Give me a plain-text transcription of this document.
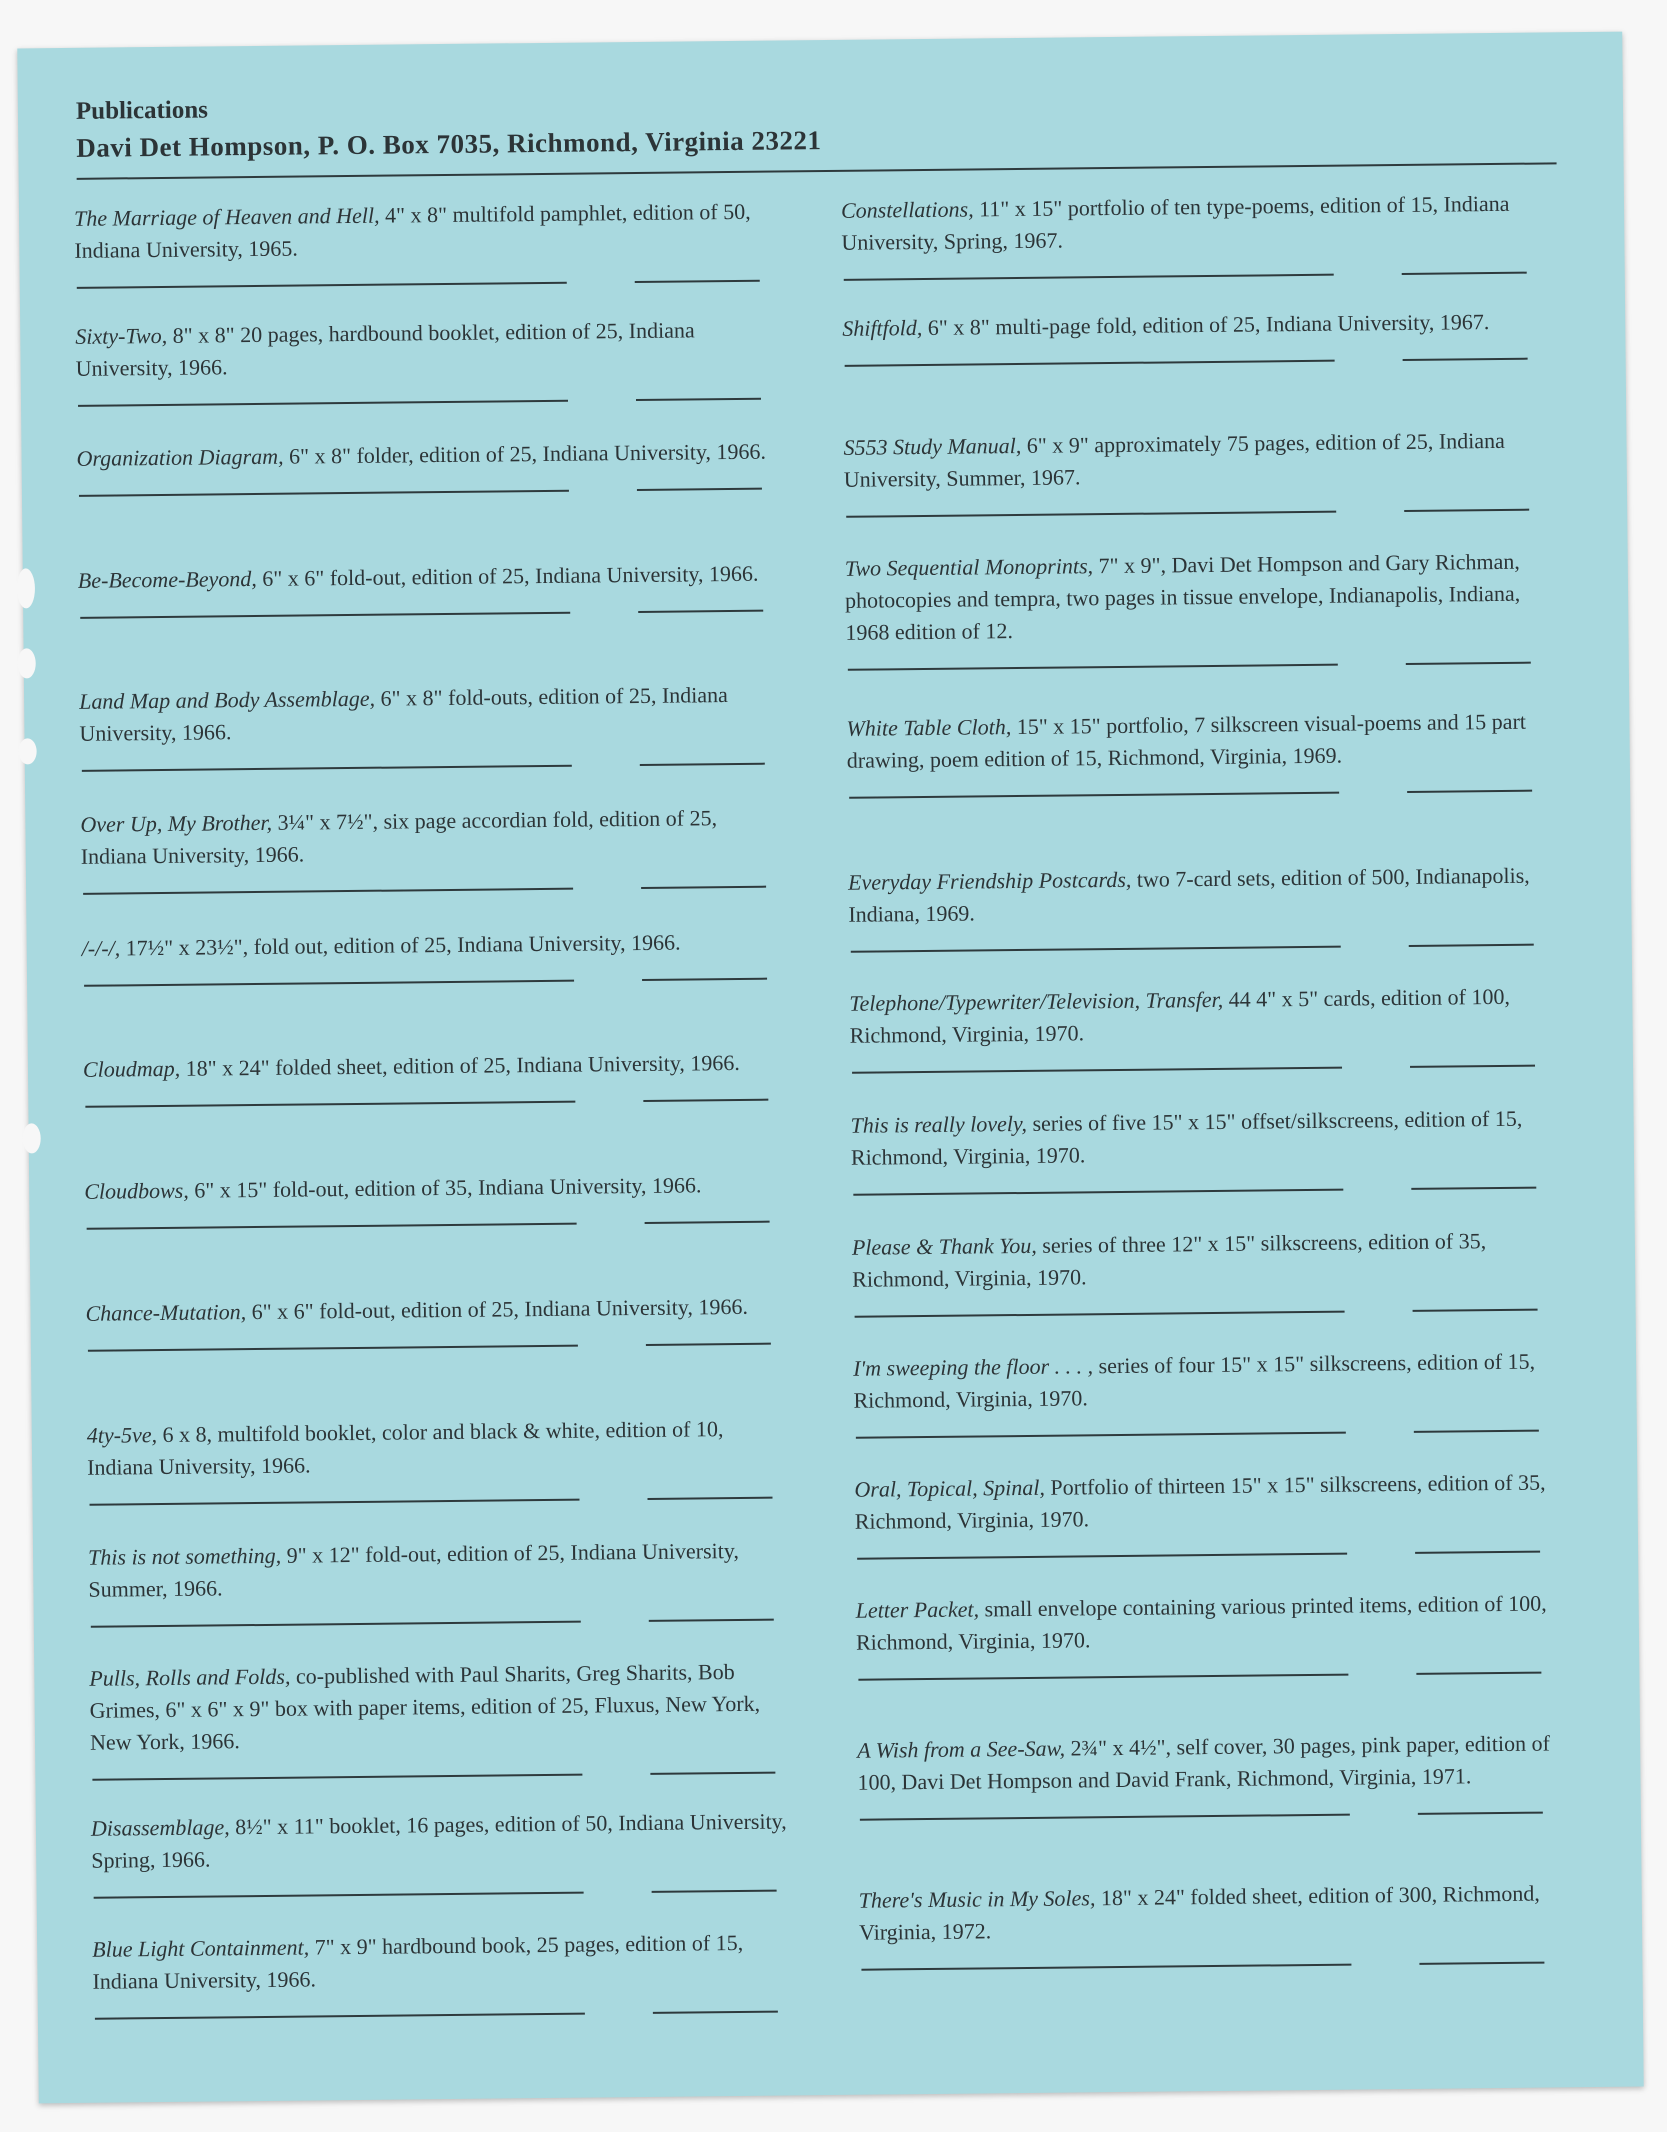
Publications
Davi Det Hompson, P. O. Box 7035, Richmond, Virginia 23221

The Marriage of Heaven and Hell, 4" x 8" multifold pamphlet, edition of 50, Indiana University, 1965.

Sixty-Two, 8" x 8" 20 pages, hardbound booklet, edition of 25, Indiana University, 1966.

Organization Diagram, 6" x 8" folder, edition of 25, Indiana University, 1966.

Be-Become-Beyond, 6" x 6" fold-out, edition of 25, Indiana University, 1966.

Land Map and Body Assemblage, 6" x 8" fold-outs, edition of 25, Indiana University, 1966.

Over Up, My Brother, 3¼" x 7½", six page accordian fold, edition of 25, Indiana University, 1966.

/-/-/, 17½" x 23½", fold out, edition of 25, Indiana University, 1966.

Cloudmap, 18" x 24" folded sheet, edition of 25, Indiana University, 1966.

Cloudbows, 6" x 15" fold-out, edition of 35, Indiana University, 1966.

Chance-Mutation, 6" x 6" fold-out, edition of 25, Indiana University, 1966.

4ty-5ve, 6 x 8, multifold booklet, color and black & white, edition of 10, Indiana University, 1966.

This is not something, 9" x 12" fold-out, edition of 25, Indiana University, Summer, 1966.

Pulls, Rolls and Folds, co-published with Paul Sharits, Greg Sharits, Bob Grimes, 6" x 6" x 9" box with paper items, edition of 25, Fluxus, New York, New York, 1966.

Disassemblage, 8½" x 11" booklet, 16 pages, edition of 50, Indiana University, Spring, 1966.

Blue Light Containment, 7" x 9" hardbound book, 25 pages, edition of 15, Indiana University, 1966.

Constellations, 11" x 15" portfolio of ten type-poems, edition of 15, Indiana University, Spring, 1967.

Shiftfold, 6" x 8" multi-page fold, edition of 25, Indiana University, 1967.

S553 Study Manual, 6" x 9" approximately 75 pages, edition of 25, Indiana University, Summer, 1967.

Two Sequential Monoprints, 7" x 9", Davi Det Hompson and Gary Richman, photocopies and tempra, two pages in tissue envelope, Indianapolis, Indiana, 1968 edition of 12.

White Table Cloth, 15" x 15" portfolio, 7 silkscreen visual-poems and 15 part drawing, poem edition of 15, Richmond, Virginia, 1969.

Everyday Friendship Postcards, two 7-card sets, edition of 500, Indianapolis, Indiana, 1969.

Telephone/Typewriter/Television, Transfer, 44 4" x 5" cards, edition of 100, Richmond, Virginia, 1970.

This is really lovely, series of five 15" x 15" offset/silkscreens, edition of 15, Richmond, Virginia, 1970.

Please & Thank You, series of three 12" x 15" silkscreens, edition of 35, Richmond, Virginia, 1970.

I'm sweeping the floor . . . , series of four 15" x 15" silkscreens, edition of 15, Richmond, Virginia, 1970.

Oral, Topical, Spinal, Portfolio of thirteen 15" x 15" silkscreens, edition of 35, Richmond, Virginia, 1970.

Letter Packet, small envelope containing various printed items, edition of 100, Richmond, Virginia, 1970.

A Wish from a See-Saw, 2¾" x 4½", self cover, 30 pages, pink paper, edition of 100, Davi Det Hompson and David Frank, Richmond, Virginia, 1971.

There's Music in My Soles, 18" x 24" folded sheet, edition of 300, Richmond, Virginia, 1972.
